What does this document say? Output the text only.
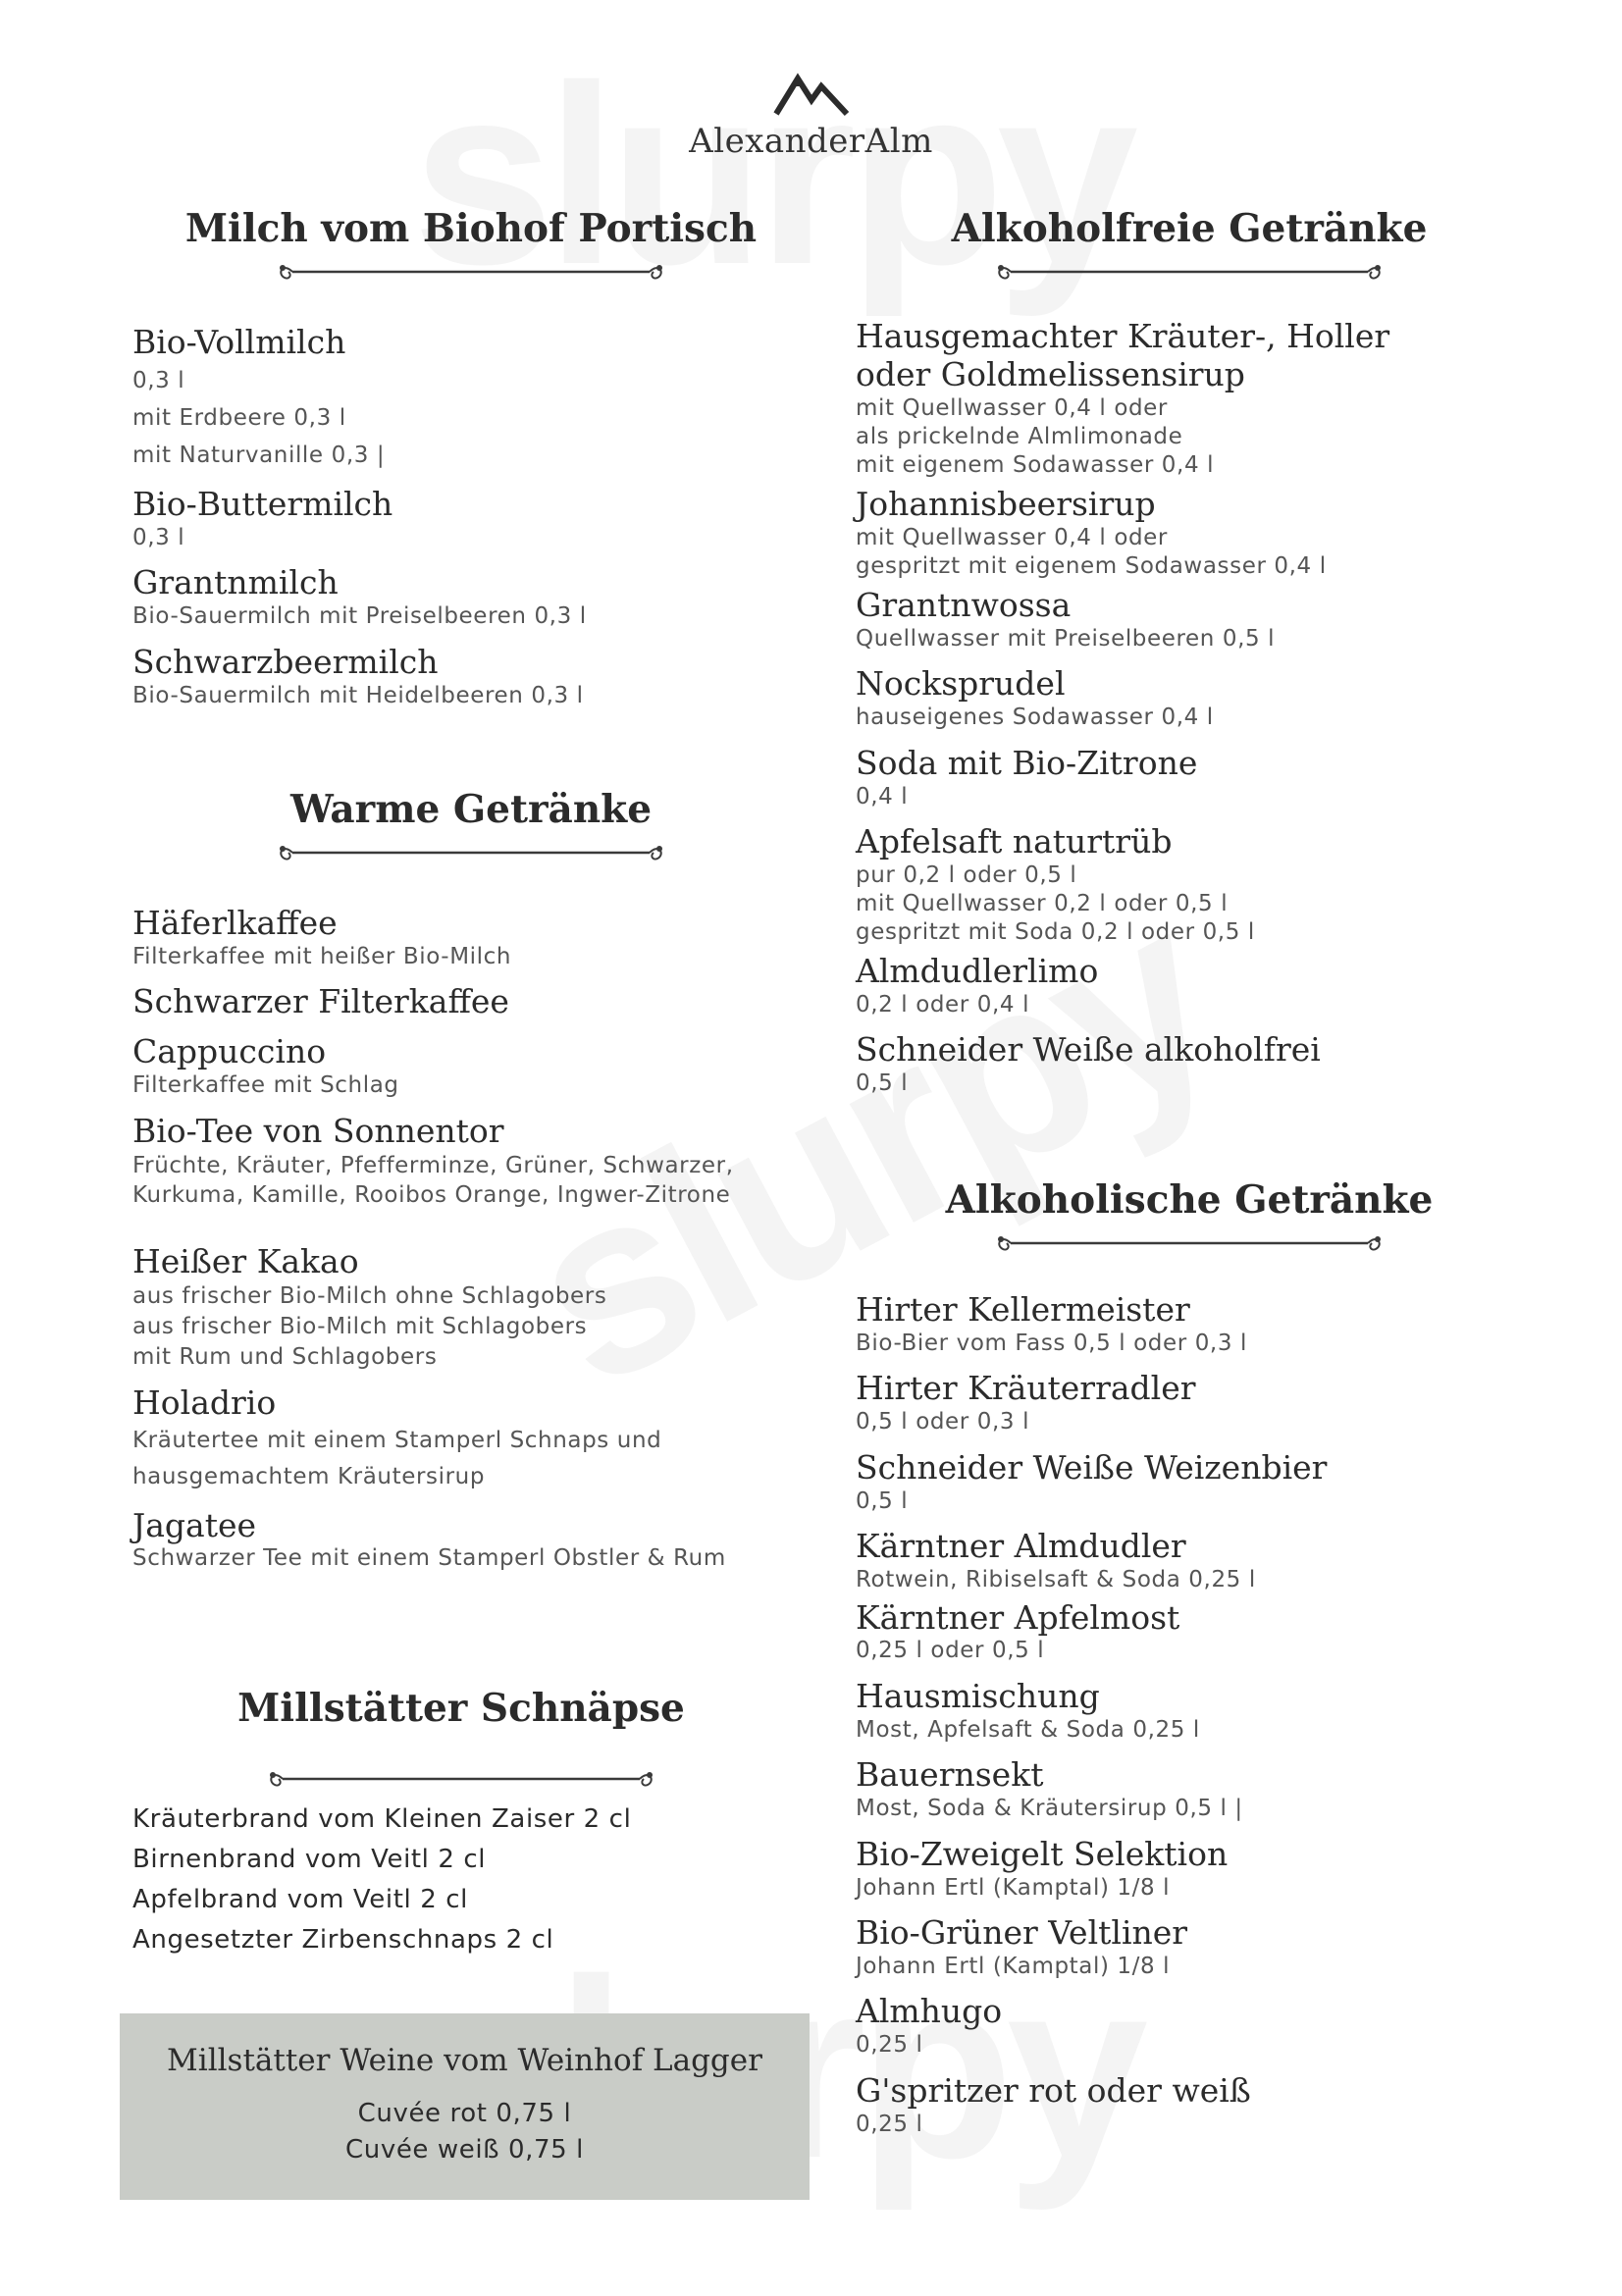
AlexanderAlm
Milch vom Biohof Portisch

Bio-Vollmilch

0,3 l

mit Erdbeere 0,3 l

mit Naturvanille 0,3 |

Bio-Buttermilch

0,3 l

Grantnmilch

Bio-Sauermilch mit Preiselbeeren 0,3 l

Schwarzbeermilch

Bio-Sauermilch mit Heidelbeeren 0,3 l

Warme Getränke

Häferlkaffee

Filterkaffee mit heißer Bio-Milch

Schwarzer Filterkaffee

Cappuccino

Filterkaffee mit Schlag

Bio-Tee von Sonnentor

Früchte, Kräuter, Pfefferminze, Grüner, Schwarzer,

Kurkuma, Kamille, Rooibos Orange, Ingwer-Zitrone

Heißer Kakao

aus frischer Bio-Milch ohne Schlagobers

aus frischer Bio-Milch mit Schlagobers

mit Rum und Schlagobers

Holadrio

Kräutertee mit einem Stamperl Schnaps und

hausgemachtem Kräutersirup

Jagatee

Schwarzer Tee mit einem Stamperl Obstler & Rum

Millstätter Schnäpse
Kräuterbrand vom Kleinen Zaiser 2 cl
Birnenbrand vom Veitl 2 cl
Apfelbrand vom Veitl 2 cl
Angesetzter Zirbenschnaps 2 cl
Millstätter Weine vom Weinhof Lagger
Cuvée rot 0,75 l
Cuvée weiß 0,75 l
Alkoholfreie Getränke

Hausgemachter Kräuter-, Holler oder Goldmelissensirup

mit Quellwasser 0,4 l oder

als prickelnde Almlimonade

mit eigenem Sodawasser 0,4 l

Johannisbeersirup

mit Quellwasser 0,4 l oder

gespritzt mit eigenem Sodawasser 0,4 l

Grantnwossa

Quellwasser mit Preiselbeeren 0,5 l

Nocksprudel

hauseigenes Sodawasser 0,4 l

Soda mit Bio-Zitrone

0,4 l

Apfelsaft naturtrüb

pur 0,2 l oder 0,5 l

mit Quellwasser 0,2 l oder 0,5 l

gespritzt mit Soda 0,2 l oder 0,5 l

Almdudlerlimo

0,2 l oder 0,4 l

Schneider Weiße alkoholfrei

0,5 l

Alkoholische Getränke

Hirter Kellermeister

Bio-Bier vom Fass 0,5 l oder 0,3 l

Hirter Kräuterradler

0,5 l oder 0,3 l

Schneider Weiße Weizenbier

0,5 l

Kärntner Almdudler

Rotwein, Ribiselsaft & Soda 0,25 l

Kärntner Apfelmost

0,25 l oder 0,5 l

Hausmischung

Most, Apfelsaft & Soda 0,25 l

Bauernsekt

Most, Soda & Kräutersirup 0,5 l |

Bio-Zweigelt Selektion

Johann Ertl (Kamptal) 1/8 l

Bio-Grüner Veltliner

Johann Ertl (Kamptal) 1/8 l

Almhugo

0,25 l

G'spritzer rot oder weiß

0,25 l
